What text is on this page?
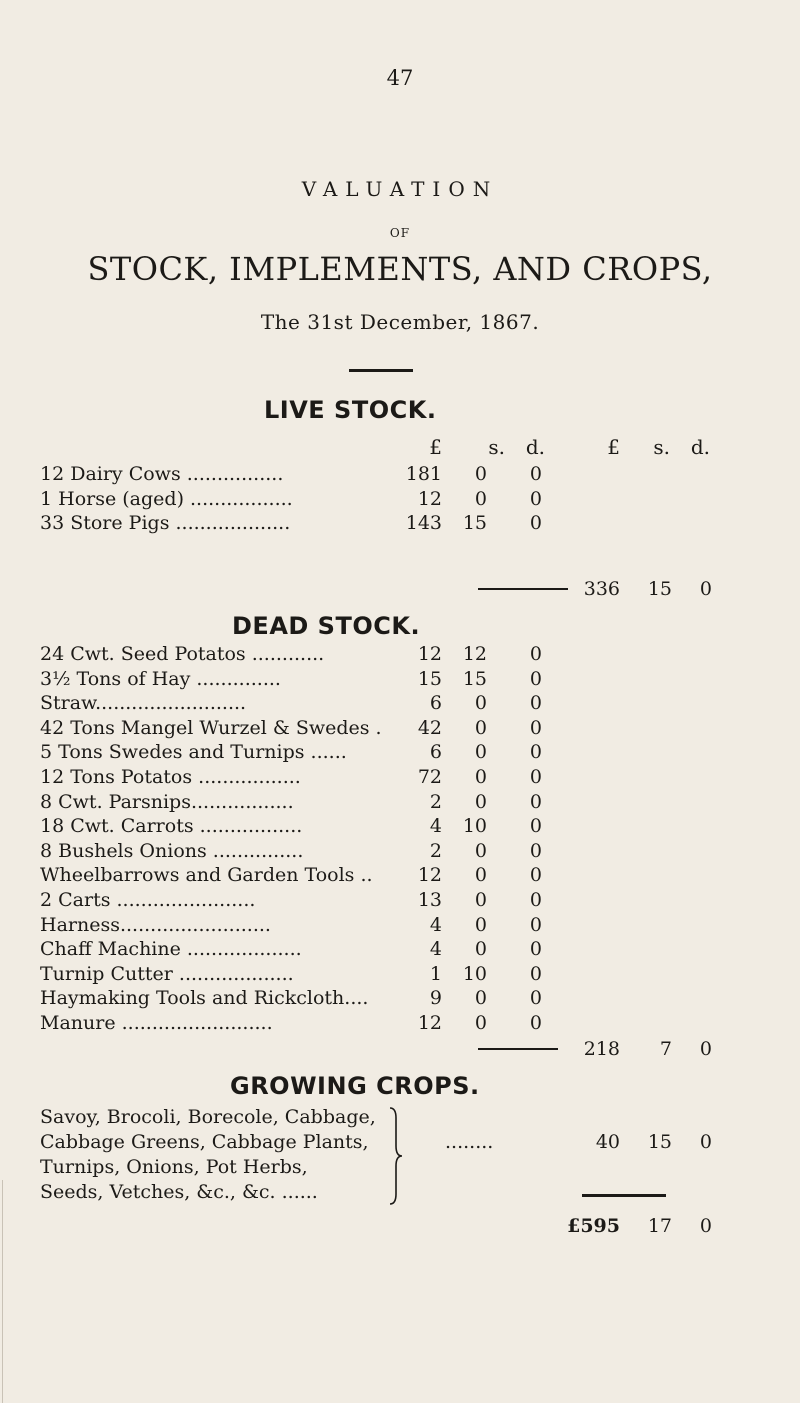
47
VALUATION
OF
STOCK, IMPLEMENTS, AND CROPS,
The 31st December, 1867.
LIVE STOCK.
£	s.	d.	£	s.	d.
12 Dairy Cows ................	181	0	0
1 Horse (aged) .................	12	0	0
33 Store Pigs ...................	143	15	0
336	15	0
DEAD STOCK.
24 Cwt. Seed Potatos ............	12	12	0
3½ Tons of Hay ..............	15	15	0
Straw.........................	6	0	0
42 Tons Mangel Wurzel & Swedes .	42	0	0
5 Tons Swedes and Turnips ......	6	0	0
12 Tons Potatos .................	72	0	0
8 Cwt. Parsnips.................	2	0	0
18 Cwt. Carrots .................	4	10	0
8 Bushels Onions ...............	2	0	0
Wheelbarrows and Garden Tools ..	12	0	0
2 Carts .......................	13	0	0
Harness.........................	4	0	0
Chaff Machine ...................	4	0	0
Turnip Cutter ...................	1	10	0
Haymaking Tools and Rickcloth....	9	0	0
Manure .........................	12	0	0
218	7	0
GROWING CROPS.
Savoy, Brocoli, Borecole, Cabbage,
Cabbage Greens, Cabbage Plants,
Turnips, Onions, Pot Herbs,
Seeds, Vetches, &c., &c. ......
........	40	15	0
£595	17	0
